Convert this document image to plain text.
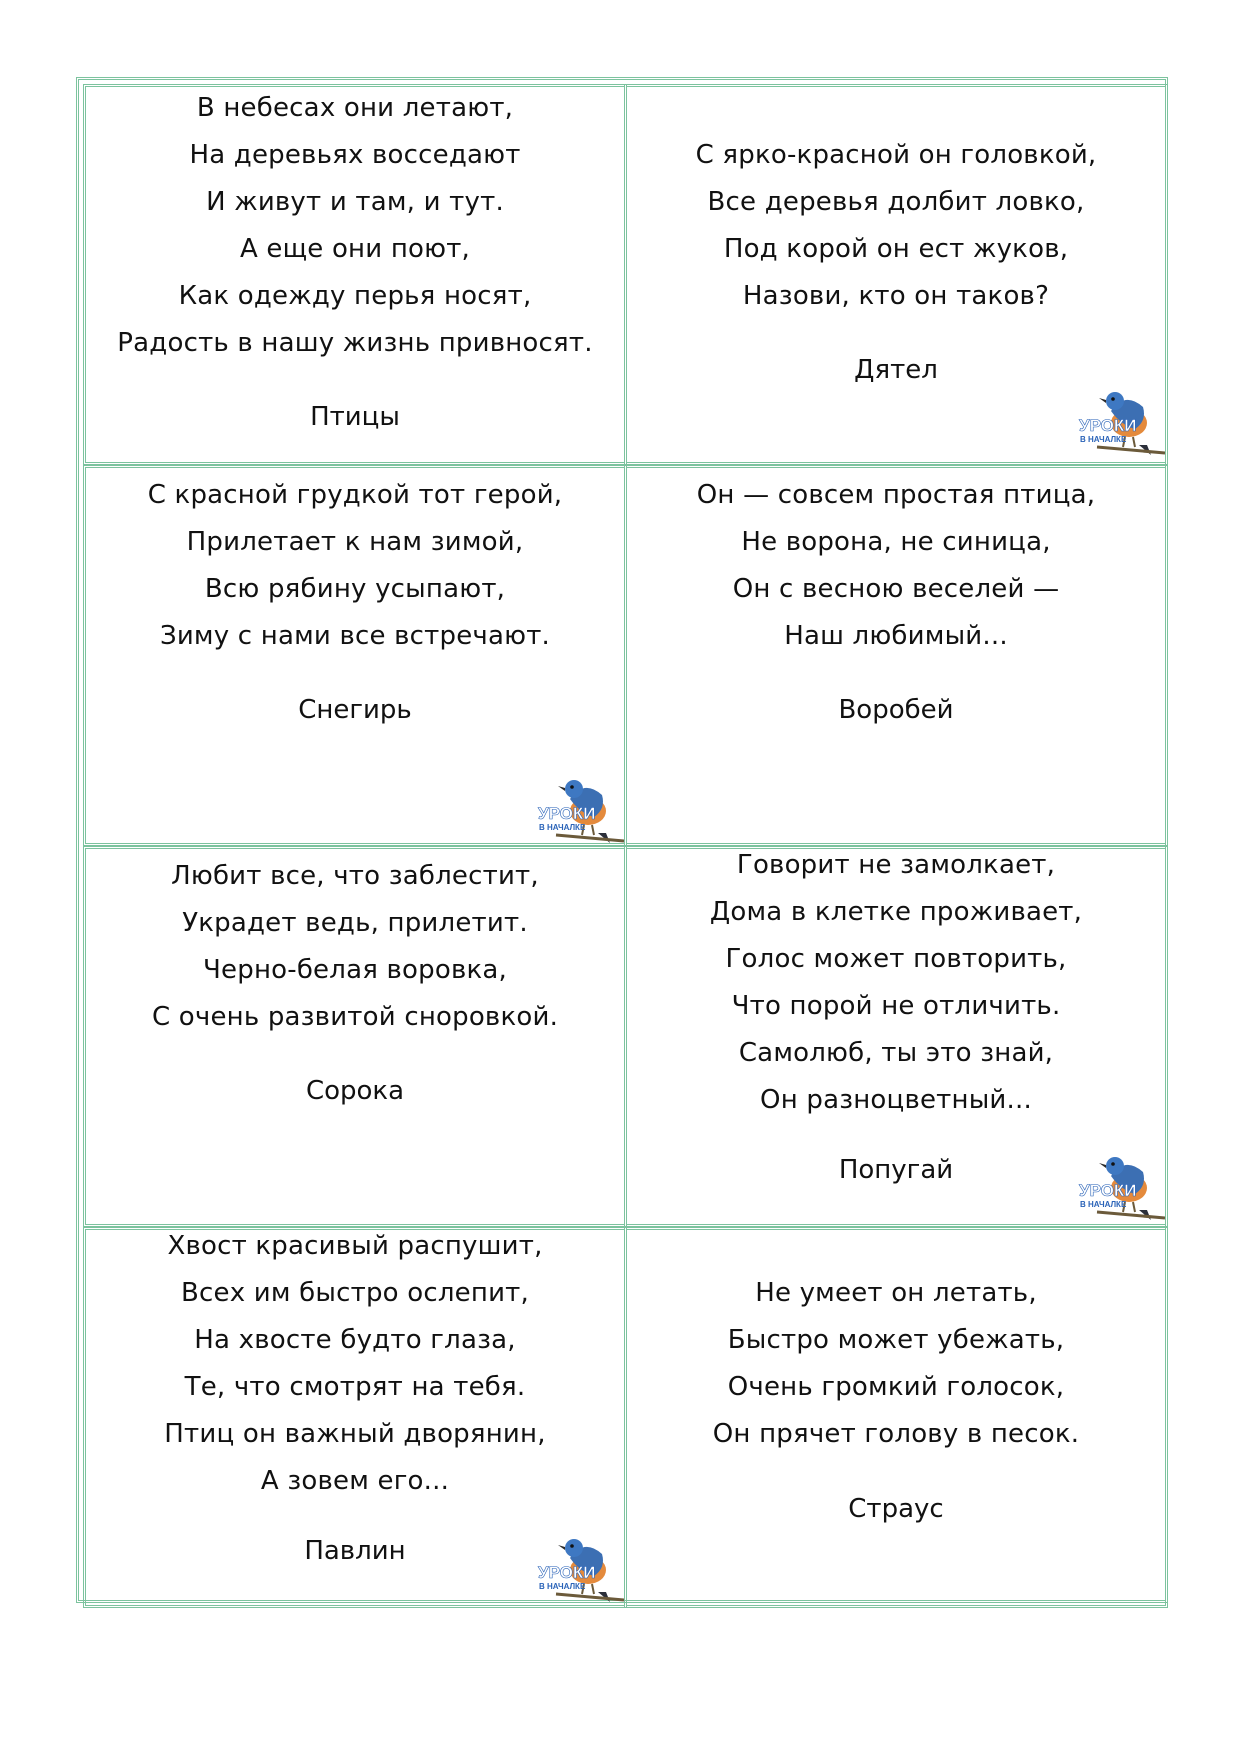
В небесах они летают,
На деревьях восседают
И живут и там, и тут.
А еще они поют,
Как одежду перья носят,
Радость в нашу жизнь привносят.
Птицы
С ярко-красной он головкой,
Все деревья долбит ловко,
Под корой он ест жуков,
Назови, кто он таков?
Дятел
УРОКИ
В НАЧАЛКЕ
С красной грудкой тот герой,
Прилетает к нам зимой,
Всю рябину усыпают,
Зиму с нами все встречают.
Снегирь
УРОКИ
В НАЧАЛКЕ
Он — совсем простая птица,
Не ворона, не синица,
Он с весною веселей —
Наш любимый...
Воробей
Любит все, что заблестит,
Украдет ведь, прилетит.
Черно-белая воровка,
С очень развитой сноровкой.
Сорока
Говорит не замолкает,
Дома в клетке проживает,
Голос может повторить,
Что порой не отличить.
Самолюб, ты это знай,
Он разноцветный...
Попугай
УРОКИ
В НАЧАЛКЕ
Хвост красивый распушит,
Всех им быстро ослепит,
На хвосте будто глаза,
Те, что смотрят на тебя.
Птиц он важный дворянин,
А зовем его...
Павлин
УРОКИ
В НАЧАЛКЕ
Не умеет он летать,
Быстро может убежать,
Очень громкий голосок,
Он прячет голову в песок.
Страус
